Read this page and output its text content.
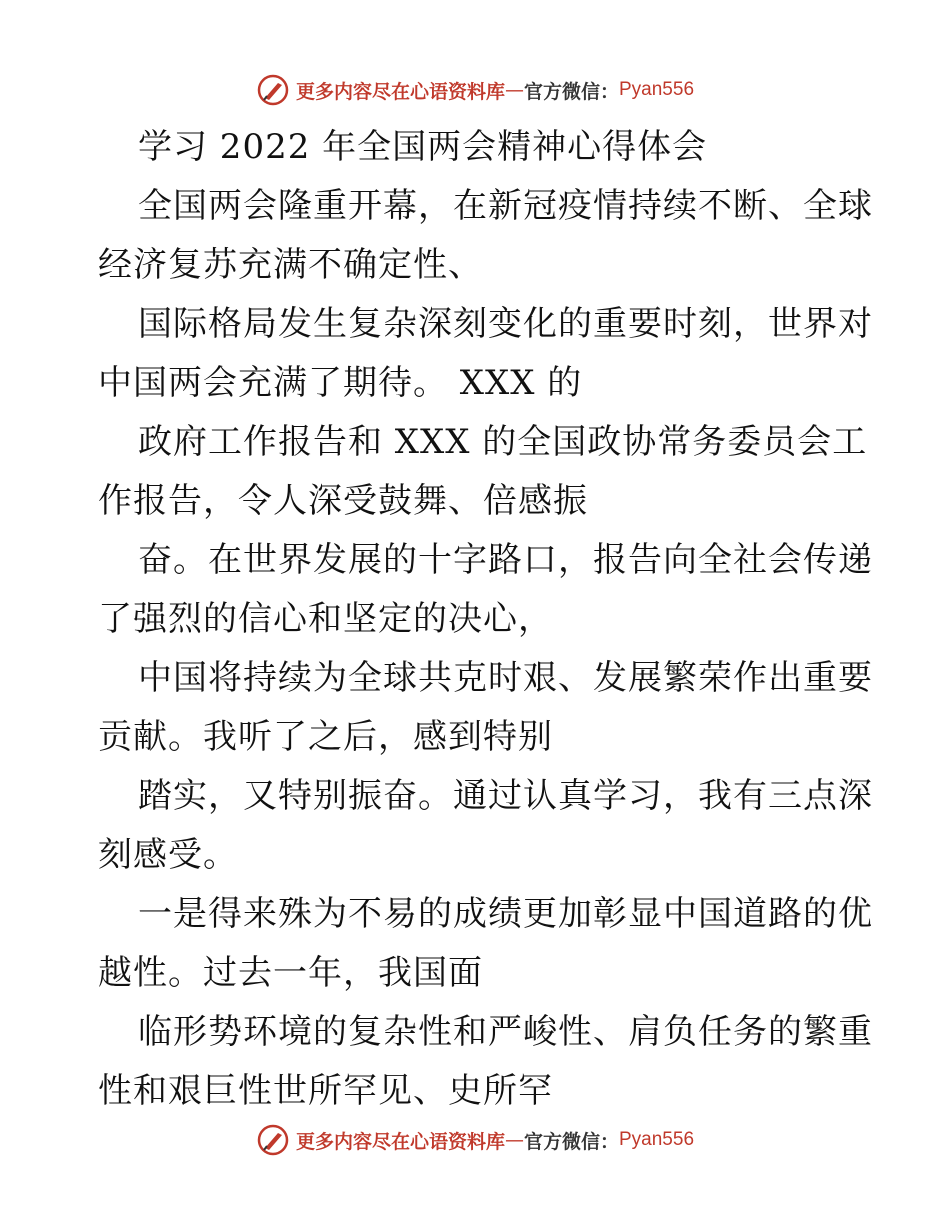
更多内容尽在心语资料库 — 官方微信： Pyan556
学习 2022 年全国两会精神心得体会
全国两会隆重开幕，在新冠疫情持续不断、全球
经济复苏充满不确定性、
国际格局发生复杂深刻变化的重要时刻，世界对
中国两会充满了期待。 XXX 的
政府工作报告和 XXX 的全国政协常务委员会工
作报告，令人深受鼓舞、倍感振
奋。在世界发展的十字路口，报告向全社会传递
了强烈的信心和坚定的决心，
中国将持续为全球共克时艰、发展繁荣作出重要
贡献。我听了之后，感到特别
踏实，又特别振奋。通过认真学习，我有三点深
刻感受。
一是得来殊为不易的成绩更加彰显中国道路的优
越性。过去一年，我国面
临形势环境的复杂性和严峻性、肩负任务的繁重
性和艰巨性世所罕见、史所罕
更多内容尽在心语资料库 — 官方微信： Pyan556
